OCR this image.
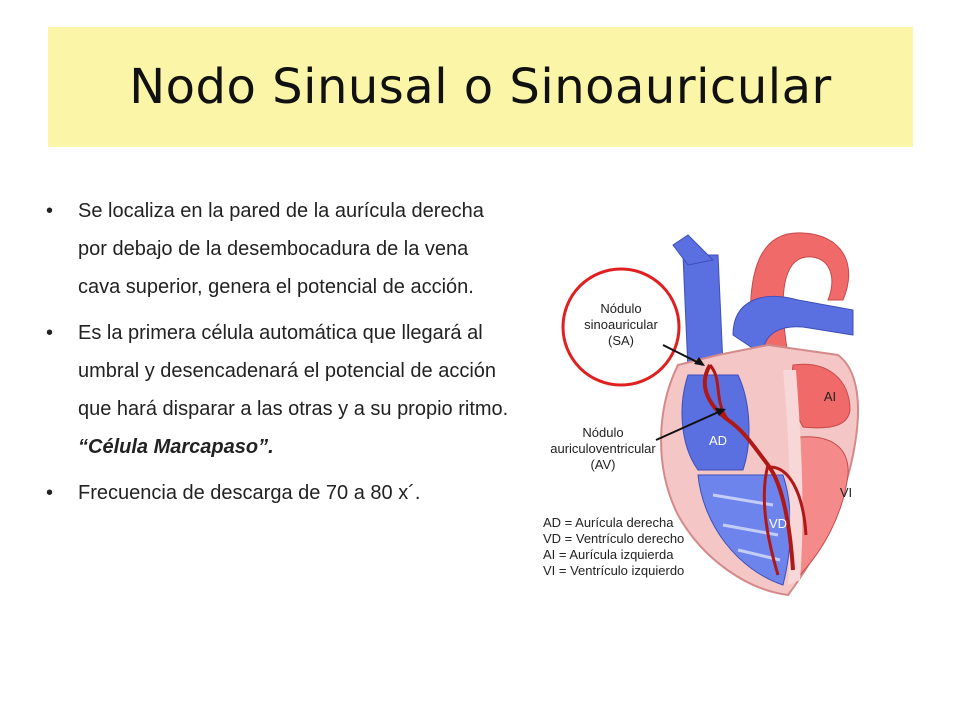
Nodo Sinusal o Sinoauricular
• Se localiza en la pared de la aurícula derecha por debajo de la desembocadura de la vena cava superior, genera el potencial de acción.
• Es la primera célula automática que llegará al umbral y desencadenará el potencial de acción que hará disparar a las otras y a su propio ritmo. “Célula Marcapaso”.
• Frecuencia de descarga de 70 a 80 x´.
Nódulo
sinoauricular
(SA)
Nódulo
auriculoventricular
(AV)
AD
AI
VD
VI
AD = Aurícula derecha
VD = Ventrículo derecho
AI = Aurícula izquierda
VI = Ventrículo izquierdo
